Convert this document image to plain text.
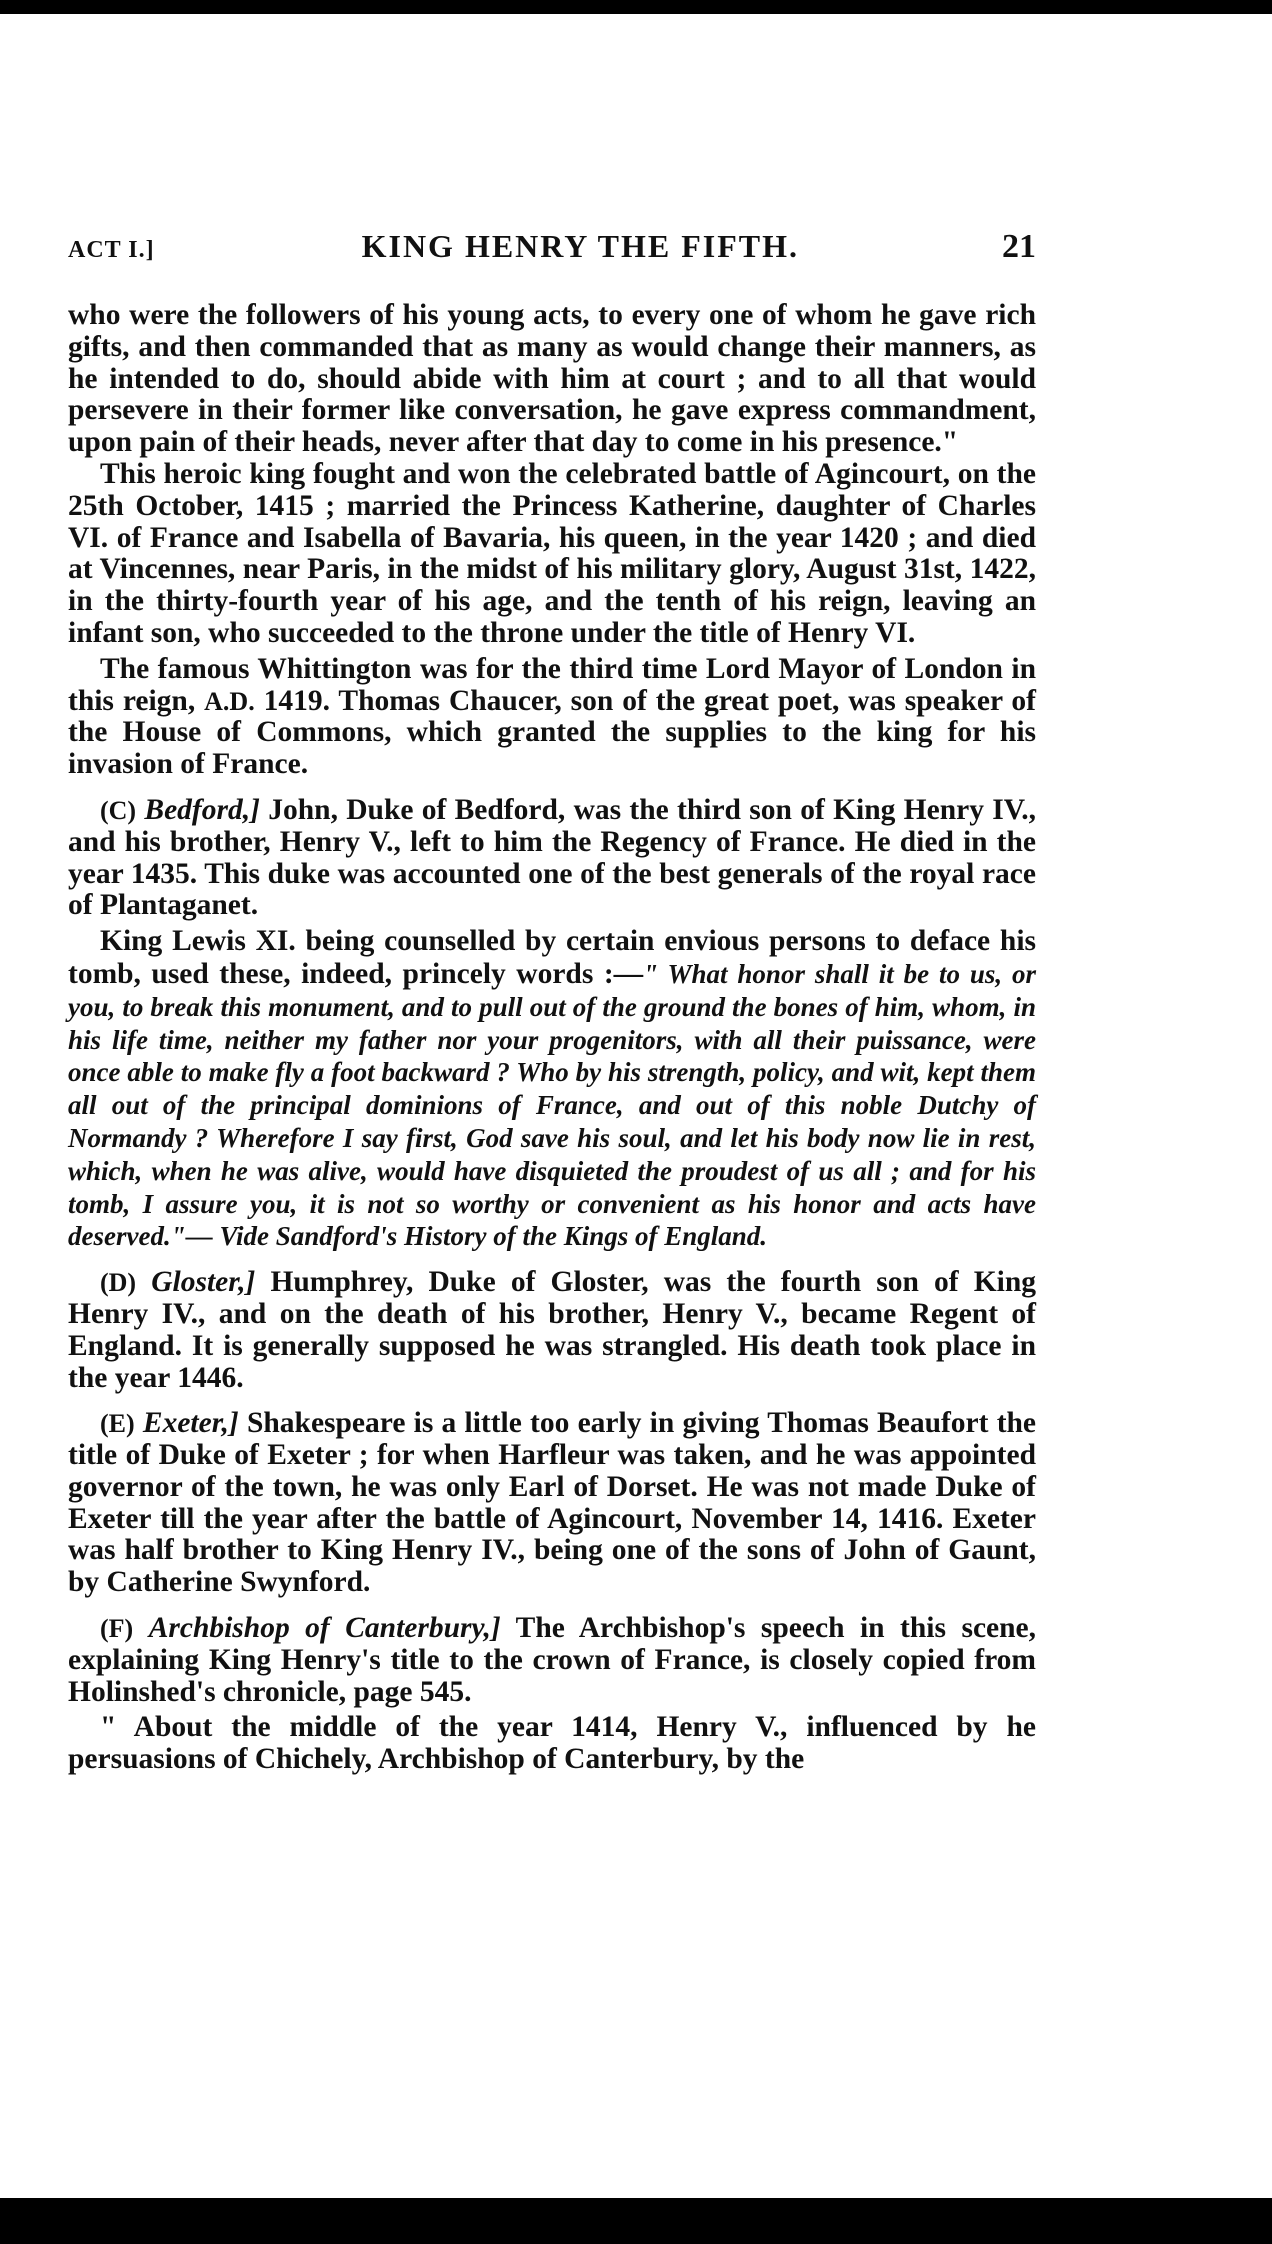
ACT I.]	KING HENRY THE FIFTH.	21

who were the followers of his young acts, to every one of whom he gave rich gifts, and then commanded that as many as would change their manners, as he intended to do, should abide with him at court ; and to all that would persevere in their former like conversation, he gave express commandment, upon pain of their heads, never after that day to come in his presence."

This heroic king fought and won the celebrated battle of Agincourt, on the 25th October, 1415 ; married the Princess Katherine, daughter of Charles VI. of France and Isabella of Bavaria, his queen, in the year 1420 ; and died at Vincennes, near Paris, in the midst of his military glory, August 31st, 1422, in the thirty-fourth year of his age, and the tenth of his reign, leaving an infant son, who succeeded to the throne under the title of Henry VI.

The famous Whittington was for the third time Lord Mayor of London in this reign, A.D. 1419. Thomas Chaucer, son of the great poet, was speaker of the House of Commons, which granted the supplies to the king for his invasion of France.

(C) Bedford,] John, Duke of Bedford, was the third son of King Henry IV., and his brother, Henry V., left to him the Regency of France. He died in the year 1435. This duke was accounted one of the best generals of the royal race of Plantaganet.

King Lewis XI. being counselled by certain envious persons to deface his tomb, used these, indeed, princely words :—" What honor shall it be to us, or you, to break this monument, and to pull out of the ground the bones of him, whom, in his life time, neither my father nor your progenitors, with all their puissance, were once able to make fly a foot backward ? Who by his strength, policy, and wit, kept them all out of the principal dominions of France, and out of this noble Dutchy of Normandy ? Wherefore I say first, God save his soul, and let his body now lie in rest, which, when he was alive, would have disquieted the proudest of us all ; and for his tomb, I assure you, it is not so worthy or convenient as his honor and acts have deserved."— Vide Sandford's History of the Kings of England.

(D) Gloster,] Humphrey, Duke of Gloster, was the fourth son of King Henry IV., and on the death of his brother, Henry V., became Regent of England. It is generally supposed he was strangled. His death took place in the year 1446.

(E) Exeter,] Shakespeare is a little too early in giving Thomas Beaufort the title of Duke of Exeter ; for when Harfleur was taken, and he was appointed governor of the town, he was only Earl of Dorset. He was not made Duke of Exeter till the year after the battle of Agincourt, November 14, 1416. Exeter was half brother to King Henry IV., being one of the sons of John of Gaunt, by Catherine Swynford.

(F) Archbishop of Canterbury,] The Archbishop's speech in this scene, explaining King Henry's title to the crown of France, is closely copied from Holinshed's chronicle, page 545.

" About the middle of the year 1414, Henry V., influenced by he persuasions of Chichely, Archbishop of Canterbury, by the
